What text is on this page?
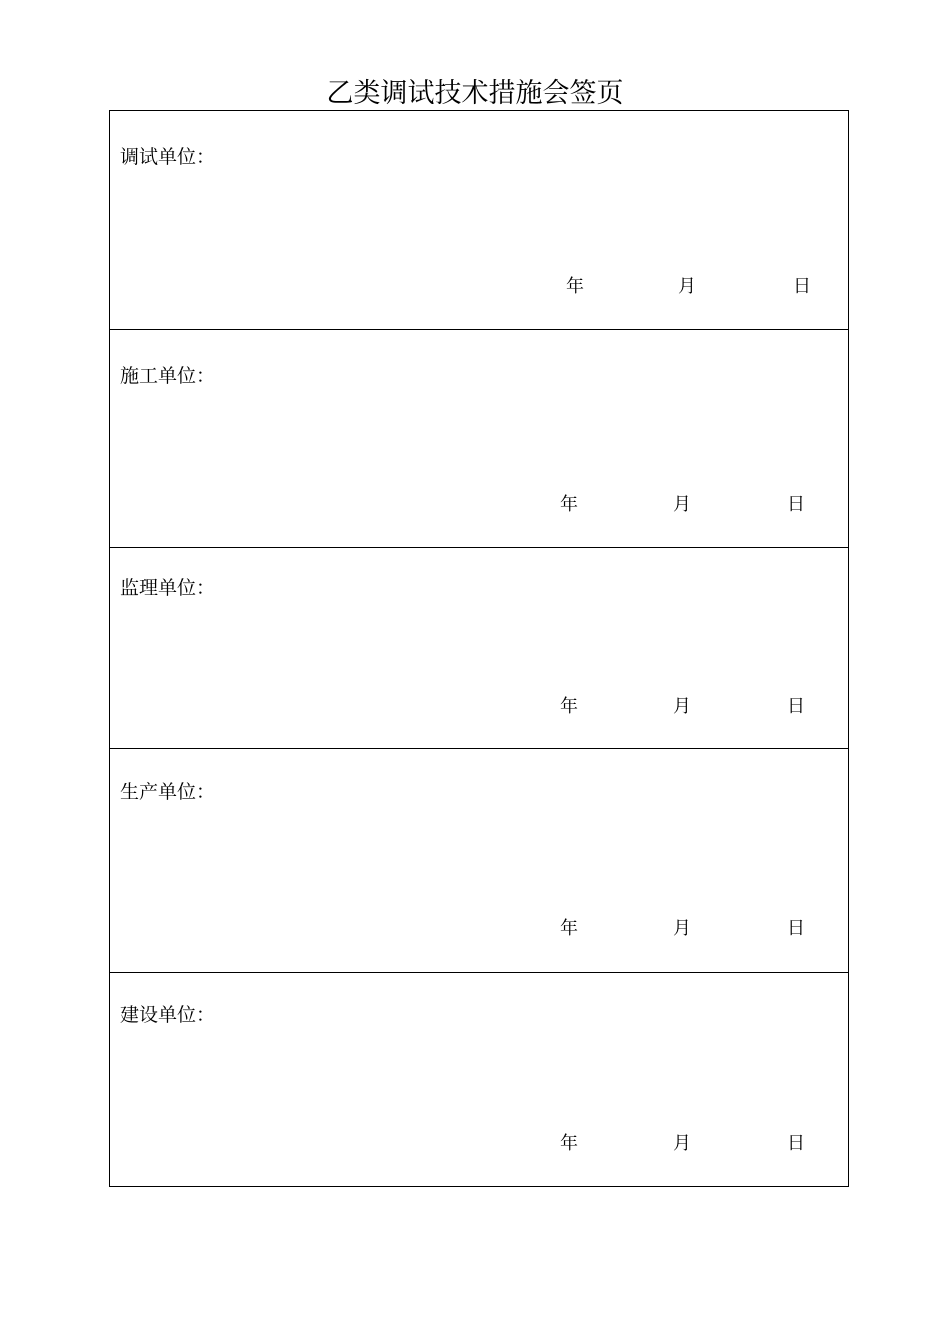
乙类调试技术措施会签页
调试单位：
年	月	日
施工单位：
年	月	日
监理单位：
年	月	日
生产单位：
年	月	日
建设单位：
年	月	日
